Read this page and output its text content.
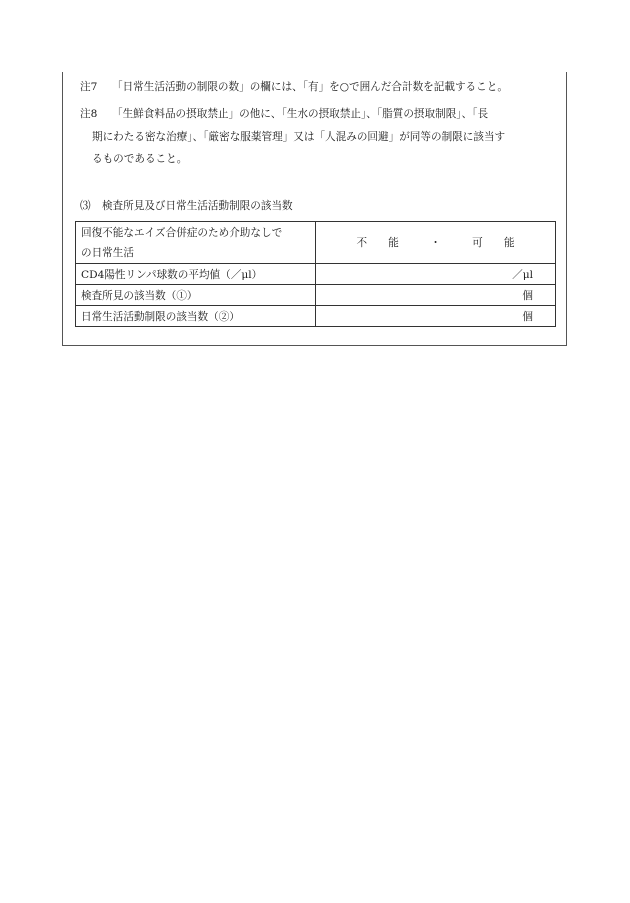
注7 「日常生活活動の制限の数」の欄には、「有」を○で囲んだ合計数を記載すること。
注8 「生鮮食料品の摂取禁止」の他に、「生水の摂取禁止」、「脂質の摂取制限」、「長
期にわたる密な治療」、「厳密な服薬管理」又は「人混みの回避」が同等の制限に該当す
るものであること。
⑶ 検査所見及び日常生活活動制限の該当数
回復不能なエイズ合併症のため介助なしで
の日常生活	不　　能 ・ 可　　能
CD4陽性リンパ球数の平均値（／μl）	／μl
検査所見の該当数（①）	個
日常生活活動制限の該当数（②）	個
